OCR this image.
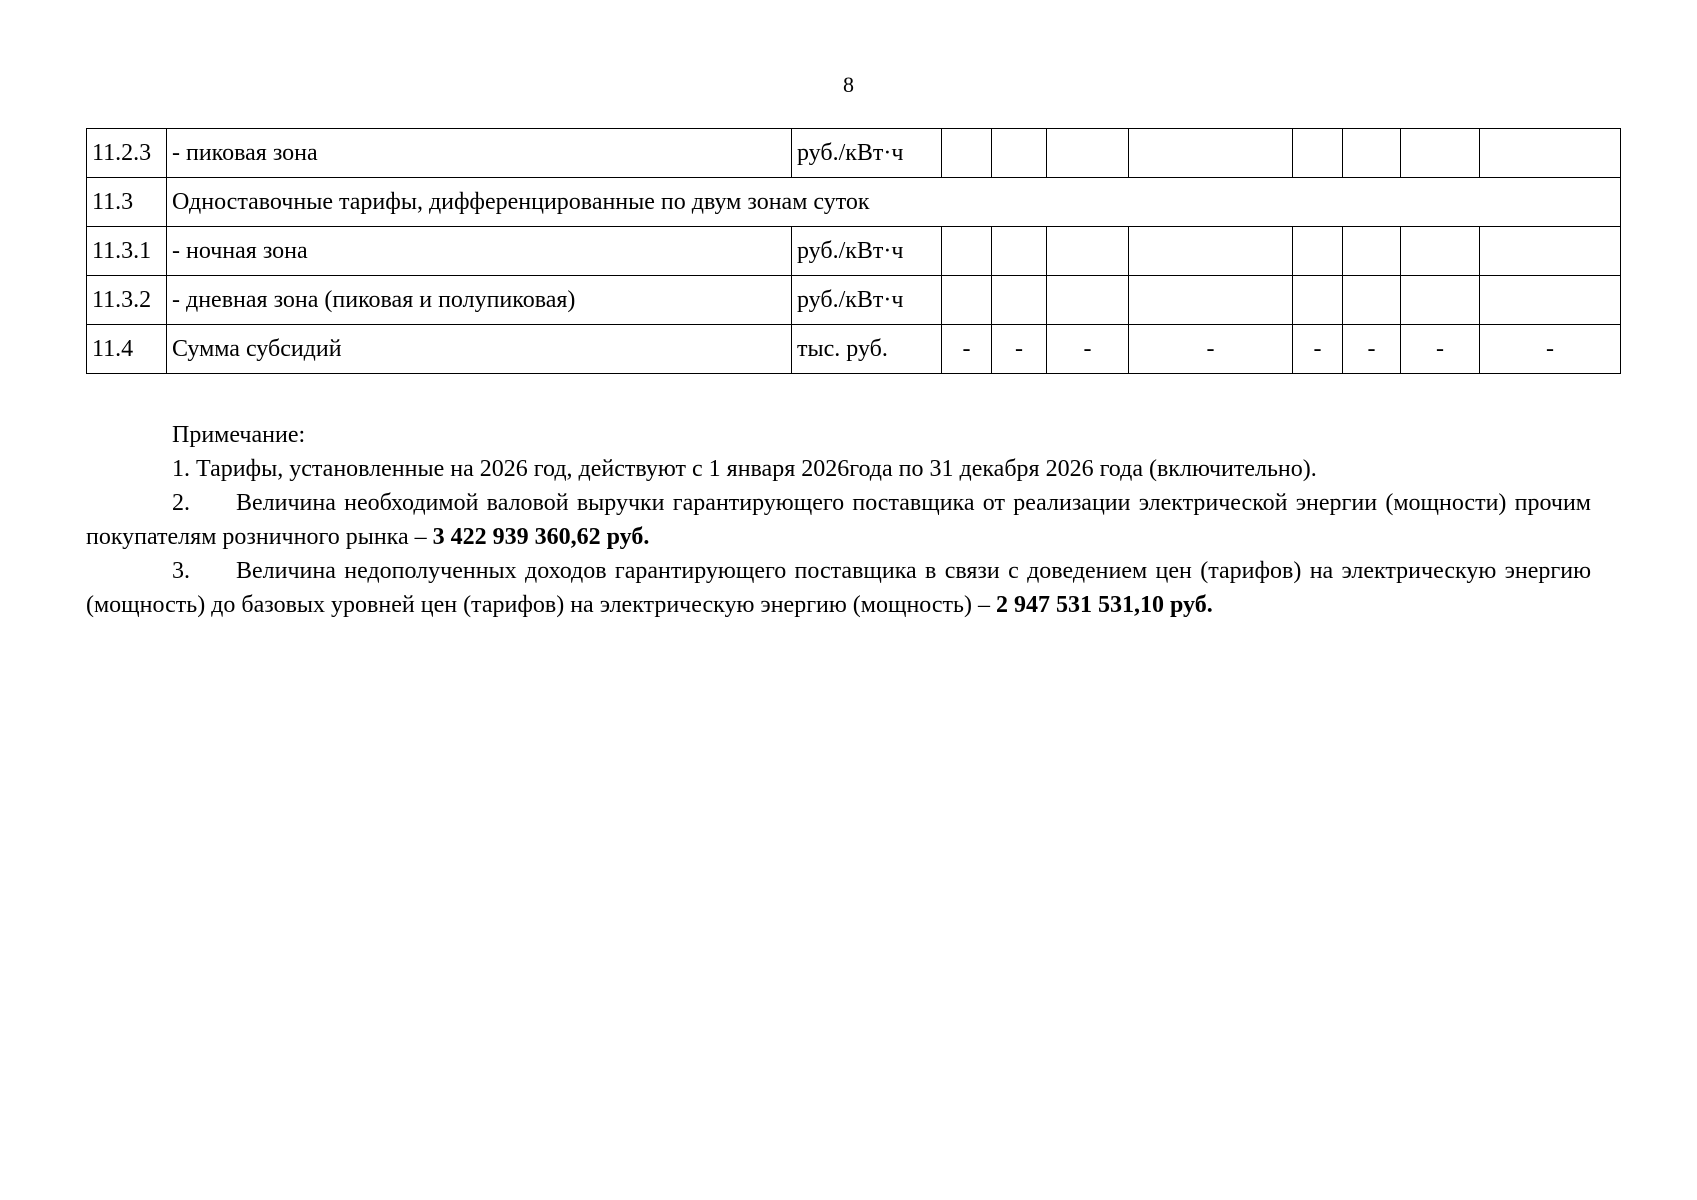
8
11.2.3	- пиковая зона	руб./кВт·ч								
11.3	Одноставочные тарифы, дифференцированные по двум зонам суток									
11.3.1	- ночная зона	руб./кВт·ч								
11.3.2	- дневная зона (пиковая и полупиковая)	руб./кВт·ч								
11.4	Сумма субсидий	тыс. руб.	-	-	-	-	-	-	-	-

Примечание:

1. Тарифы, установленные на 2026 год, действуют с 1 января 2026года по 31 декабря 2026 года (включительно).

2. Величина необходимой валовой выручки гарантирующего поставщика от реализации электрической энергии (мощности) прочим покупателям розничного рынка – 3 422 939 360,62 руб.

3. Величина недополученных доходов гарантирующего поставщика в связи с доведением цен (тарифов) на электрическую энергию (мощность) до базовых уровней цен (тарифов) на электрическую энергию (мощность) – 2 947 531 531,10 руб.
